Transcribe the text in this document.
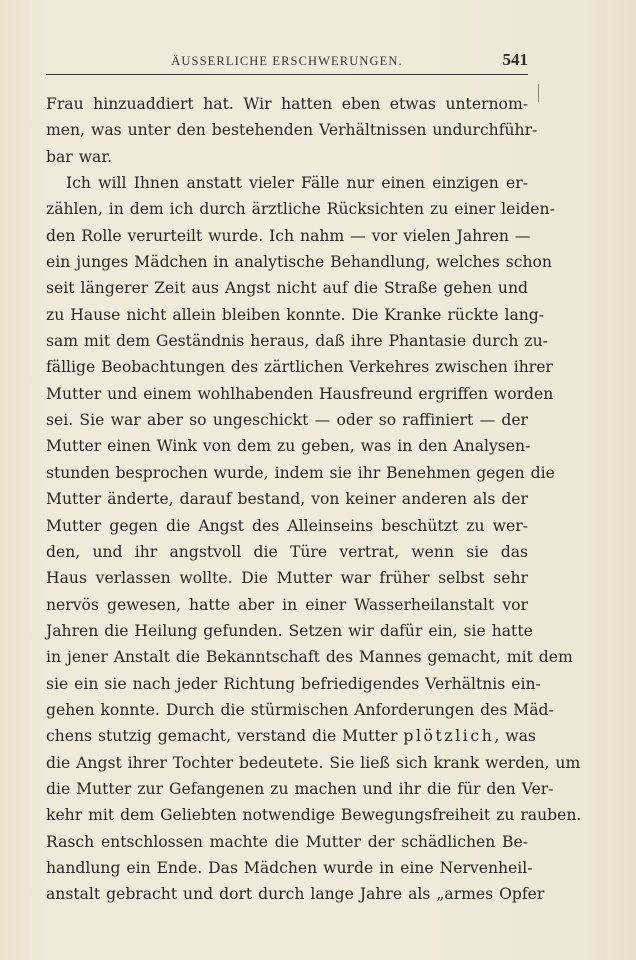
ÄUSSERLICHE ERSCHWERUNGEN.	541
Frau hinzuaddiert hat. Wir hatten eben etwas unternom-
men, was unter den bestehenden Verhältnissen undurchführ-
bar war.
Ich will Ihnen anstatt vieler Fälle nur einen einzigen er-
zählen, in dem ich durch ärztliche Rücksichten zu einer leiden-
den Rolle verurteilt wurde. Ich nahm — vor vielen Jahren —
ein junges Mädchen in analytische Behandlung, welches schon
seit längerer Zeit aus Angst nicht auf die Straße gehen und
zu Hause nicht allein bleiben konnte. Die Kranke rückte lang-
sam mit dem Geständnis heraus, daß ihre Phantasie durch zu-
fällige Beobachtungen des zärtlichen Verkehres zwischen ihrer
Mutter und einem wohlhabenden Hausfreund ergriffen worden
sei. Sie war aber so ungeschickt — oder so raffiniert — der
Mutter einen Wink von dem zu geben, was in den Analysen-
stunden besprochen wurde, indem sie ihr Benehmen gegen die
Mutter änderte, darauf bestand, von keiner anderen als der
Mutter gegen die Angst des Alleinseins beschützt zu wer-
den, und ihr angstvoll die Türe vertrat, wenn sie das
Haus verlassen wollte. Die Mutter war früher selbst sehr
nervös gewesen, hatte aber in einer Wasserheilanstalt vor
Jahren die Heilung gefunden. Setzen wir dafür ein, sie hatte
in jener Anstalt die Bekanntschaft des Mannes gemacht, mit dem
sie ein sie nach jeder Richtung befriedigendes Verhältnis ein-
gehen konnte. Durch die stürmischen Anforderungen des Mäd-
chens stutzig gemacht, verstand die Mutter plötzlich, was
die Angst ihrer Tochter bedeutete. Sie ließ sich krank werden, um
die Mutter zur Gefangenen zu machen und ihr die für den Ver-
kehr mit dem Geliebten notwendige Bewegungsfreiheit zu rauben.
Rasch entschlossen machte die Mutter der schädlichen Be-
handlung ein Ende. Das Mädchen wurde in eine Nervenheil-
anstalt gebracht und dort durch lange Jahre als „armes Opfer
